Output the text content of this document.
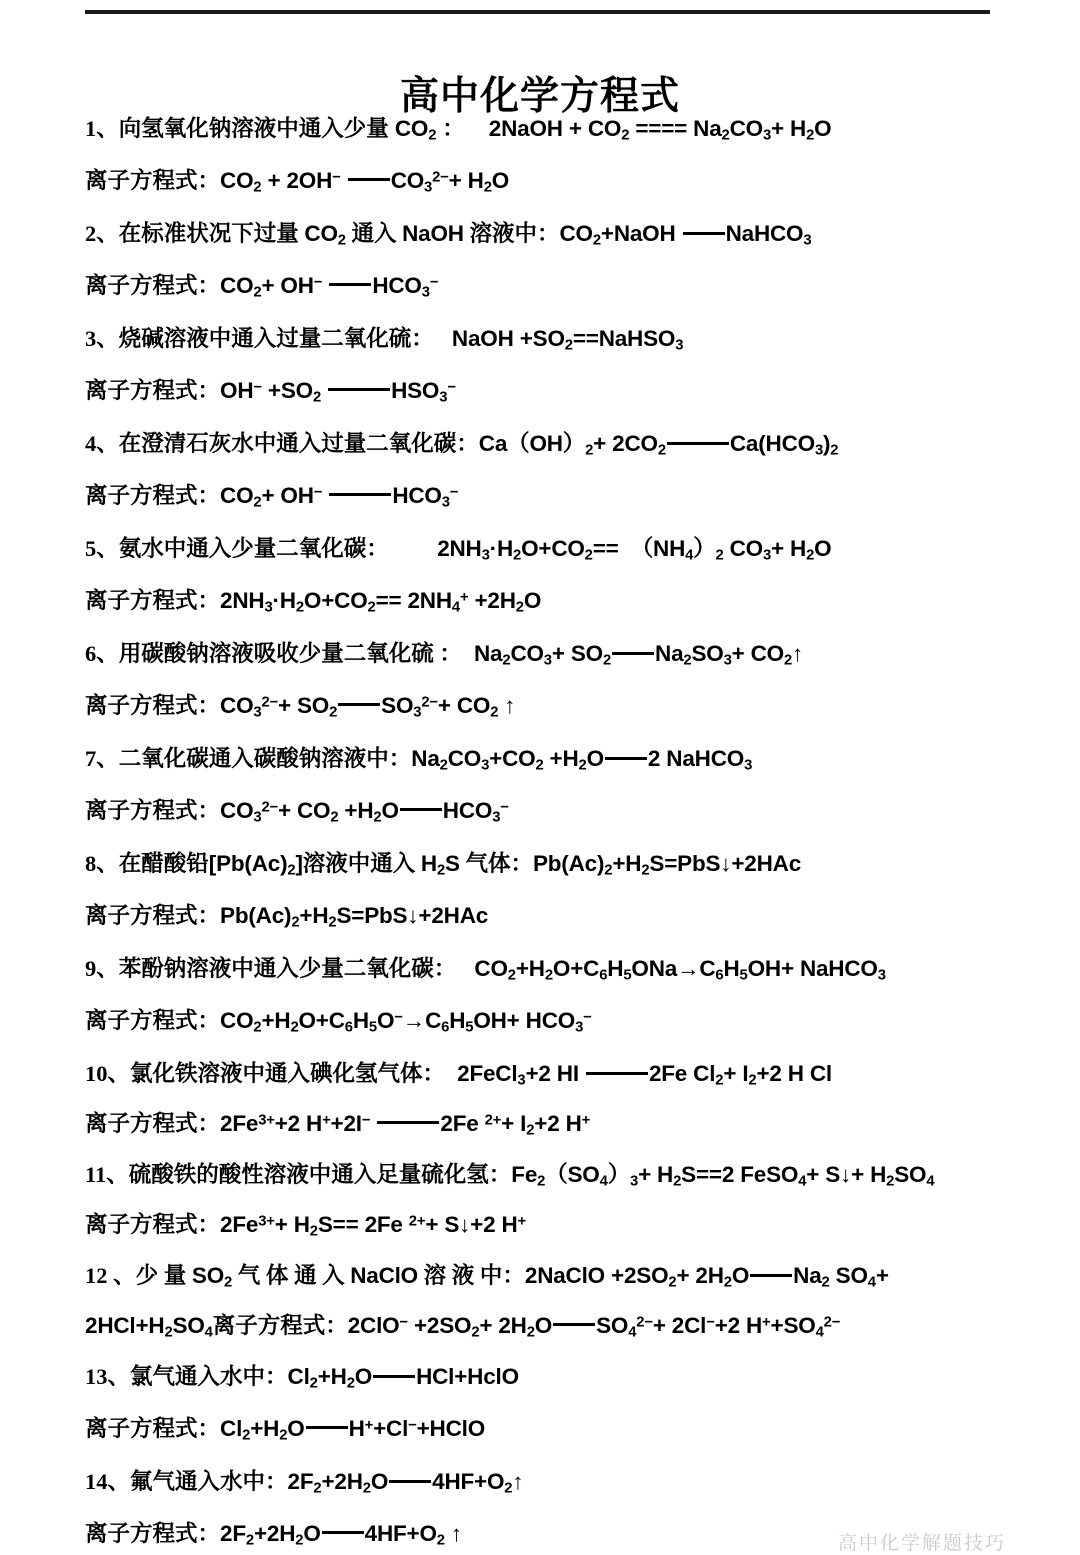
高中化学方程式
1、向氢氧化钠溶液中通入少量 $CO_2$ ：    2NaOH + $CO_2$ ==== $Na_2CO_3+ H_2O$
离子方程式：$CO_2 + 2OH^-$ $CO_3^{2-}+ H_2O$
2、在标准状况下过量 $CO_2$ 通入 NaOH 溶液中：$CO_2+NaOH$ NaHCO$_3$
离子方程式：$CO_2+ OH^-$ $HCO_3^-$
3、烧碱溶液中通入过量二氧化硫：   NaOH $+SO_2==NaHSO_3$
离子方程式：$OH^- +SO_2$	$HSO_3^-$
4、在澄清石灰水中通入过量二氧化碳：$Ca(OH)_2+ 2CO_2$	$Ca(HCO_3)_2$
离子方程式：$CO_2+ OH^-$	$HCO_3^-$
5、氨水中通入少量二氧化碳：        $2NH_3\cdot H_2O+CO_2== (NH_4)_2$ $CO_3+ H_2O$
离子方程式：$2NH_3\cdot H_2O+CO_2== 2NH_4^+ +2H_2O$
6、用碳酸钠溶液吸收少量二氧化硫 ：  $Na_2CO_3+ SO_2$ $Na_2SO_3+$ $CO_2↑$
离子方程式：$CO_3^{2-}+ SO_2$ $SO_3^{2-}+ CO_2$ ↑
7、二氧化碳通入碳酸钠溶液中：$Na_2CO_3+CO_2 +H_2O$ 2 NaHCO$_3$
离子方程式：$CO_3^{2-}+ CO_2 +H_2O$ $HCO_3^-$
8、在醋酸铅$[Pb(Ac)_2]$溶液中通入 $H_2S$ 气体：$Pb(Ac)_2+H_2S=PbS↓+2HAc$
离子方程式：$Pb(Ac)_2+H_2S=PbS↓+2HAc$
9、苯酚钠溶液中通入少量二氧化碳：   $CO_2+H_2O+C_6H_5ONa\to C_6H_5OH+$ NaHCO$_3$
离子方程式：$CO_2+H_2O+C_6H_5O^-\to C_6H_5OH+ HCO_3^-$
10、氯化铁溶液中通入碘化氢气体：  2FeCl$_3$+2 HI	2Fe $Cl_2+ I_2+2$ H Cl
离子方程式：$2Fe^{3+}+2$ H++2I−	2Fe $^{2+}+ I_2+2$ H+
11、硫酸铁的酸性溶液中通入足量硫化氢：$Fe_2(SO_4)_3+ H_2S==2$ FeSO$_4$+ S↓+ $H_2SO_4$
离子方程式：$2Fe^{3+}+ H_2S== 2Fe$ $^{2+}$+ S↓+2 H+
12 、少 量 $SO_2$ 气 体 通 入 NaClO 溶 液 中：2NaClO $+2SO_2+ 2H_2O$ $Na_2$ $SO_4+$
$2HCl+H_2SO_4$离子方程式：$2ClO^- +2SO_2+ 2H_2O$ $SO_4^{2-}+ 2Cl^-+2$ $H^++SO_4^{2-}$
13、氯气通入水中：$Cl_2+H_2O$ HCl+HclO
离子方程式：$Cl_2+H_2O$ H++Cl−+HClO
14、氟气通入水中：$2F_2+2H_2O$ $4HF+O_2↑$
离子方程式：$2F_2+2H_2O$ $4HF+O_2$ ↑	高中化学解题技巧
